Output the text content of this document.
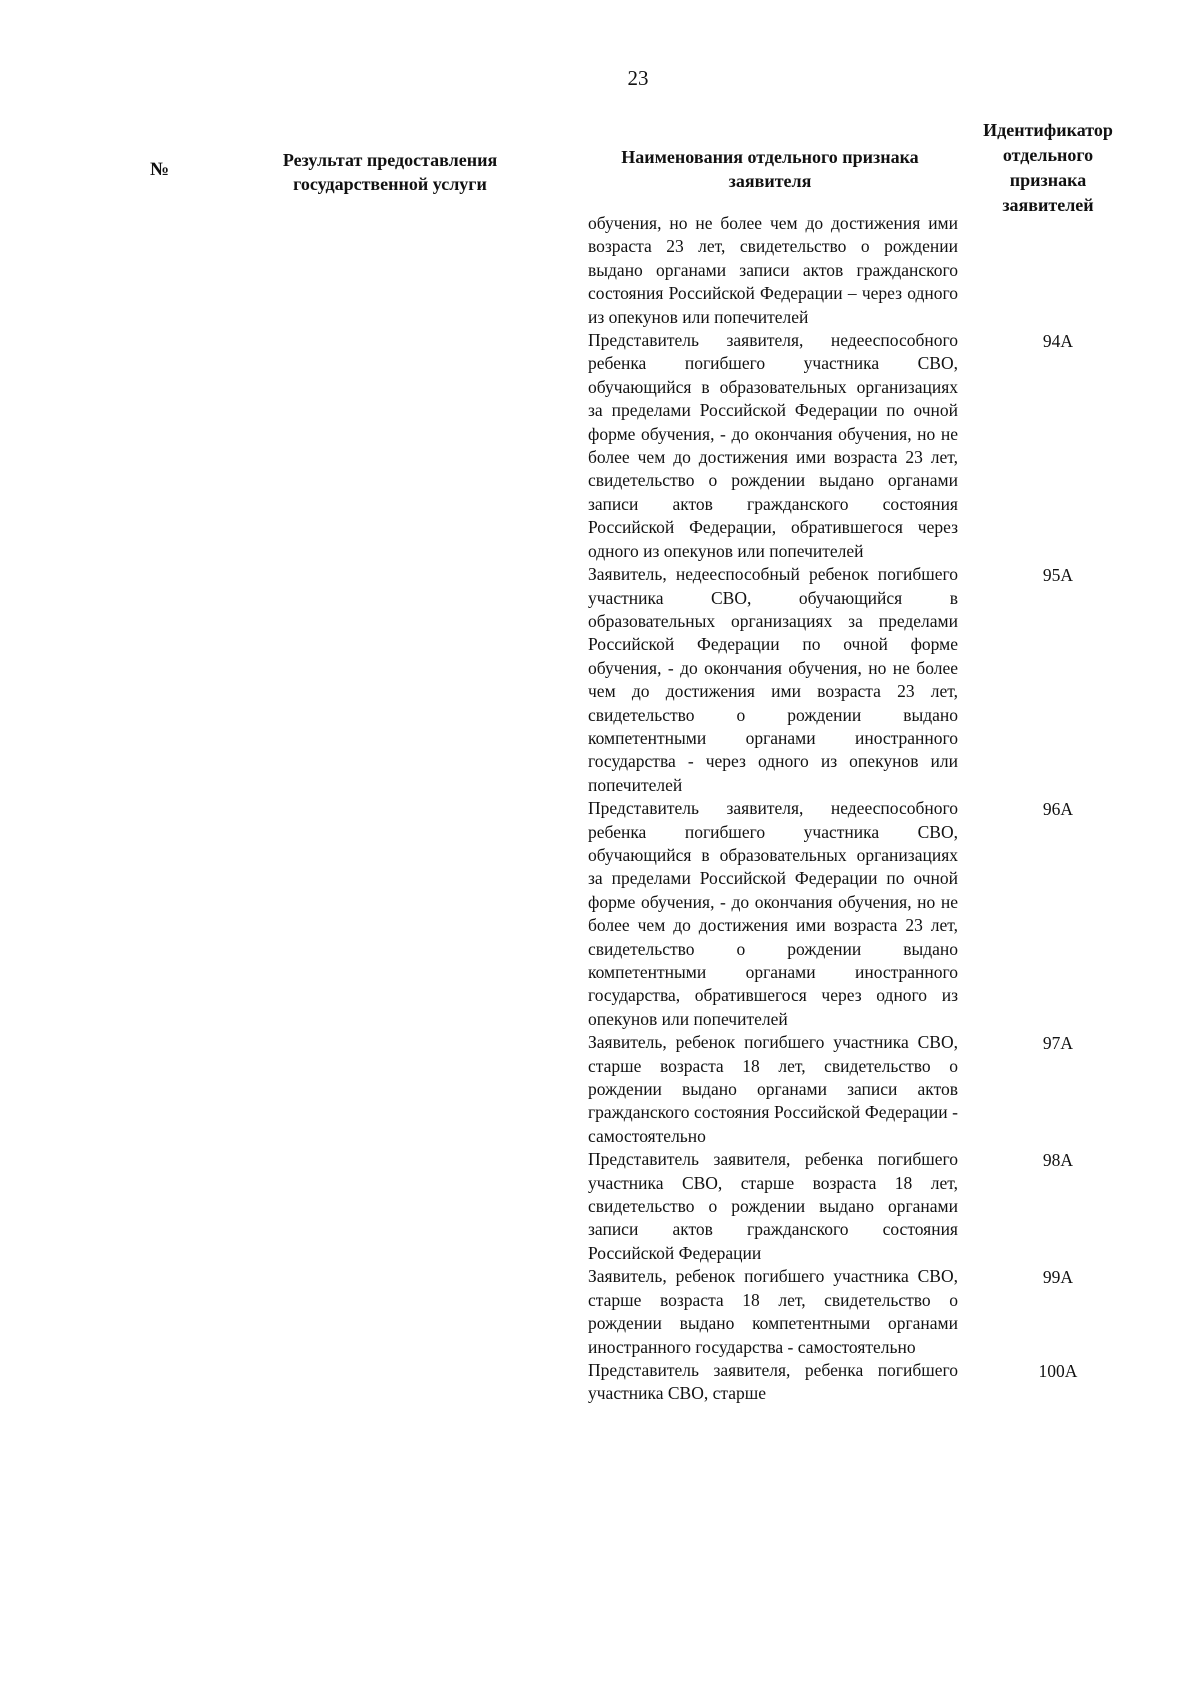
23
№	Результат предоставления государственной услуги
Наименования отдельного признака заявителя
Идентификатор отдельного признака заявителей

обучения, но не более чем до достижения ими возраста 23 лет, свидетельство о рождении выдано органами записи актов гражданского состояния Российской Федерации – через одного из опекунов или попечителей

Представитель заявителя, недееспособного ребенка погибшего участника СВО, обучающийся в образовательных организациях за пределами Российской Федерации по очной форме обучения, - до окончания обучения, но не более чем до достижения ими возраста 23 лет, свидетельство о рождении выдано органами записи актов гражданского состояния Российской Федерации, обратившегося через одного из опекунов или попечителей

94А

Заявитель, недееспособный ребенок погибшего участника СВО, обучающийся в образовательных организациях за пределами Российской Федерации по очной форме обучения, - до окончания обучения, но не более чем до достижения ими возраста 23 лет, свидетельство о рождении выдано компетентными органами иностранного государства - через одного из опекунов или попечителей

95А

Представитель заявителя, недееспособного ребенка погибшего участника СВО, обучающийся в образовательных организациях за пределами Российской Федерации по очной форме обучения, - до окончания обучения, но не более чем до достижения ими возраста 23 лет, свидетельство о рождении выдано компетентными органами иностранного государства, обратившегося через одного из опекунов или попечителей

96А

Заявитель, ребенок погибшего участника СВО, старше возраста 18 лет, свидетельство о рождении выдано органами записи актов гражданского состояния Российской Федерации - самостоятельно

97А

Представитель заявителя, ребенка погибшего участника СВО, старше возраста 18 лет, свидетельство о рождении выдано органами записи актов гражданского состояния Российской Федерации

98А

Заявитель, ребенок погибшего участника СВО, старше возраста 18 лет, свидетельство о рождении выдано компетентными органами иностранного государства - самостоятельно

99А

Представитель заявителя, ребенка погибшего участника СВО, старше

100А
